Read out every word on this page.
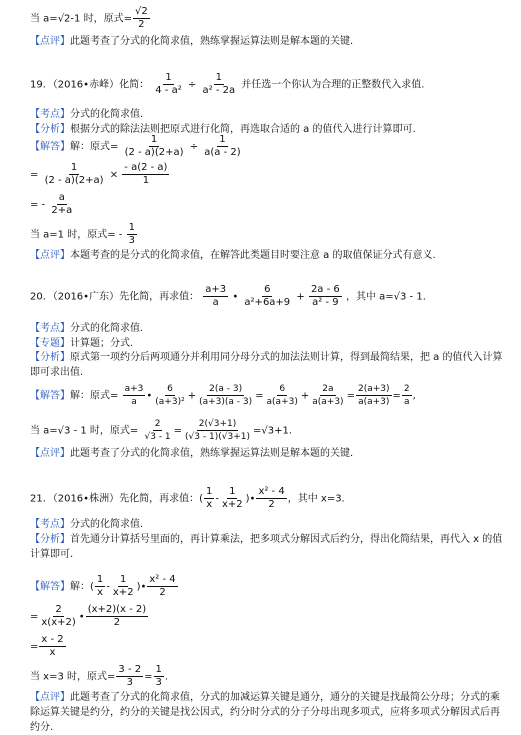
当 a=√2-1 时，原式= $\frac{√2}{2}$
【点评】此题考查了分式的化简求值，熟练掌握运算法则是解本题的关键.
19．（2016•赤峰）化简： $\frac{1}{\text{4 - a²}} \div \frac{1}{\text{a² - 2a}}$ 并任选一个你认为合理的正整数代入求值.
【考点】分式的化简求值.
【分析】根据分式的除法法则把原式进行化简，再选取合适的 a 的值代入进行计算即可.
【解答】解：原式= $\frac{1}{(2 - a)(2+a)} \div \frac{1}{a(a - 2)}$
= $\frac{1}{(2 - a)(2+a)} \times \frac{- a(2 - a)}{1}$
= - $\frac{a}{2+a}$
当 a=1 时，原式= - $\frac{1}{3}$
【点评】本题考查的是分式的化简求值，在解答此类题目时要注意 a 的取值保证分式有意义.
20．（2016•广东）先化简，再求值： $\frac{a+3}{a}$ • $\frac{6}{\text{a²+6a+9}} + \frac{2a - 6}{\text{a² - 9}}$ ，其中 a=√3 - 1.
【考点】分式的化简求值.
【专题】计算题；分式.
【分析】原式第一项约分后两项通分并利用同分母分式的加法法则计算，得到最简结果，把 a 的值代入计算即可求出值.
【解答】解：原式= $\frac{a+3}{a}$ • $\frac{6}{\text{(a+3)²}} + \frac{2(a - 3)}{(a+3)(a - 3)} = \frac{6}{a(a+3)} + \frac{2a}{a(a+3)} = \frac{2(a+3)}{a(a+3)} = \frac{2}{a}$ ,
当 a=√3 - 1 时，原式= $\frac{2}{√3 - 1} = \frac{2(√3+1)}{(√3 - 1)(√3+1)} =√3+1$.
【点评】此题考查了分式的化简求值，熟练掌握运算法则是解本题的关键.
21．（2016•株洲）先化简，再求值：( $\frac{1}{x} - \frac{1}{x+2}$ )• $\frac{\text{x² - 4}}{2}$ ，其中 x=3.
【考点】分式的化简求值.
【分析】首先通分计算括号里面的，再计算乘法，把多项式分解因式后约分，得出化简结果，再代入 x 的值计算即可.
【解答】解：( $\frac{1}{x} - \frac{1}{x+2}$ )• $\frac{\text{x² - 4}}{2}$
= $\frac{2}{x(x+2)}$ • $\frac{(x+2)(x - 2)}{2}$
= $\frac{x - 2}{x}$
当 x=3 时，原式= $\frac{3 - 2}{3} = \frac{1}{3}$ .
【点评】此题考查了分式的化简求值，分式的加减运算关键是通分，通分的关键是找最简公分母；分式的乘除运算关键是约分，约分的关键是找公因式，约分时分式的分子分母出现多项式，应将多项式分解因式后再约分.
